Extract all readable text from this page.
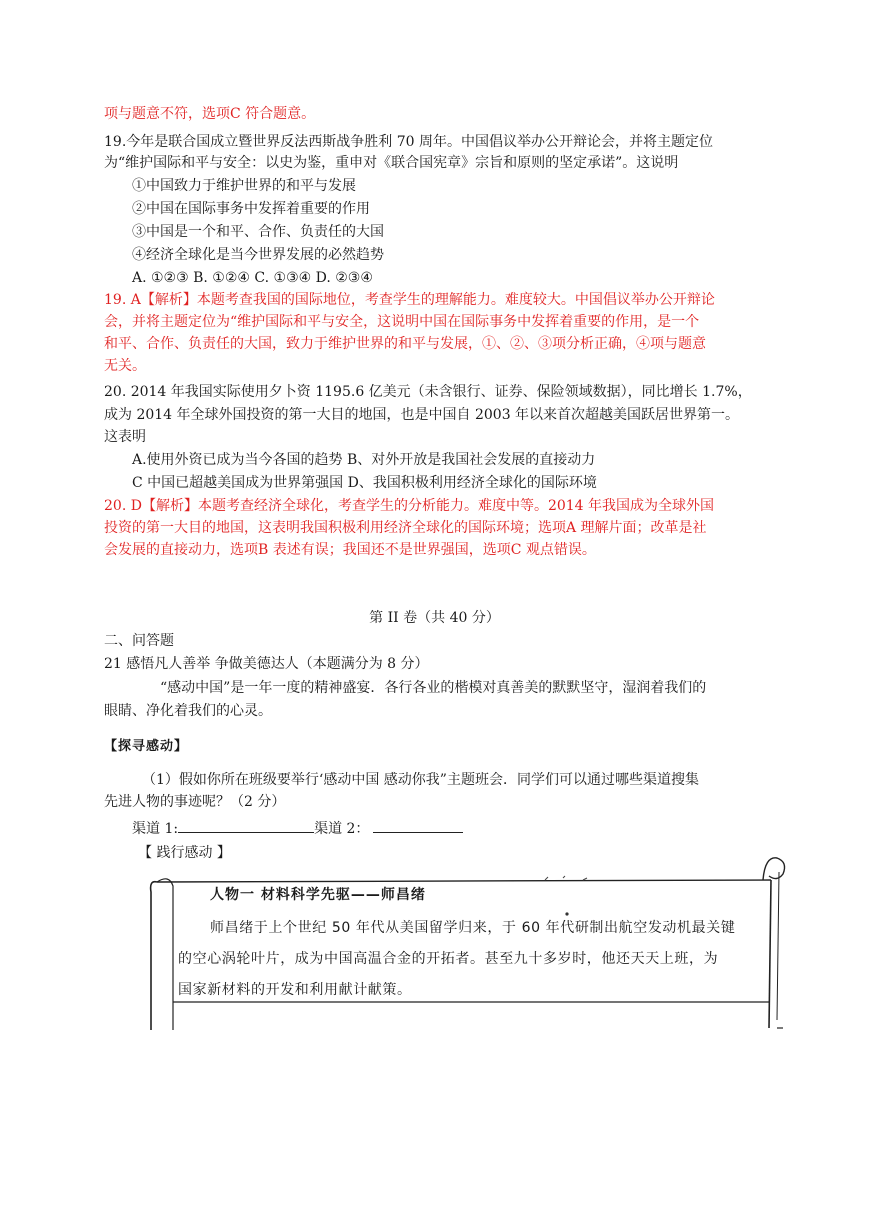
项与题意不符，选项C 符合题意。
19.今年是联合国成立暨世界反法西斯战争胜利 70 周年。中国倡议举办公开辩论会，并将主题定位
为“维护国际和平与安全：以史为鉴，重申对《联合国宪章》宗旨和原则的坚定承诺”。这说明
①中国致力于维护世界的和平与发展
②中国在国际事务中发挥着重要的作用
③中国是一个和平、合作、负责任的大国
④经济全球化是当今世界发展的必然趋势
A. ①②③ B. ①②④ C. ①③④ D. ②③④
19. A【解析】本题考查我国的国际地位，考查学生的理解能力。难度较大。中国倡议举办公开辩论
会，并将主题定位为“维护国际和平与安全，这说明中国在国际事务中发挥着重要的作用，是一个
和平、合作、负责任的大国，致力于维护世界的和平与发展，①、②、③项分析正确，④项与题意
无关。
20. 2014 年我国实际使用夕卜资 1195.6 亿美元（未含银行、证券、保险领域数据），同比增长 1.7%，
成为 2014 年全球外国投资的第一大目的地国，也是中国自 2003 年以来首次超越美国跃居世界第一。
这表明
A.使用外资已成为当今各国的趋势 B、对外开放是我国社会发展的直接动力
C 中国已超越美国成为世界第强国 D、我国积极利用经济全球化的国际环境
20. D【解析】本题考查经济全球化，考查学生的分析能力。难度中等。2014 年我国成为全球外国
投资的第一大目的地国，这表明我国积极利用经济全球化的国际环境；选项A 理解片面；改革是社
会发展的直接动力，选项B 表述有误；我国还不是世界强国，选项C 观点错误。
第 II 卷（共 40 分）
二、问答题
21 感悟凡人善举 争做美德达人（本题满分为 8 分）
“感动中国”是一年一度的精神盛宴．各行各业的楷模对真善美的默默坚守，湿润着我们的
眼睛、净化着我们的心灵。
【探寻感动】
（1）假如你所在班级要举行‘感动中国 感动你我”主题班会．同学们可以通过哪些渠道搜集
先进人物的事迹呢？（2 分）
渠道 1:	渠道 2：
【 践行感动 】
人物一 材料科学先驱——师昌绪
师昌绪于上个世纪 50 年代从美国留学归来，于 60 年代研制出航空发动机最关键
的空心涡轮叶片，成为中国高温合金的开拓者。甚至九十多岁时，他还天天上班，为
国家新材料的开发和利用献计献策。
